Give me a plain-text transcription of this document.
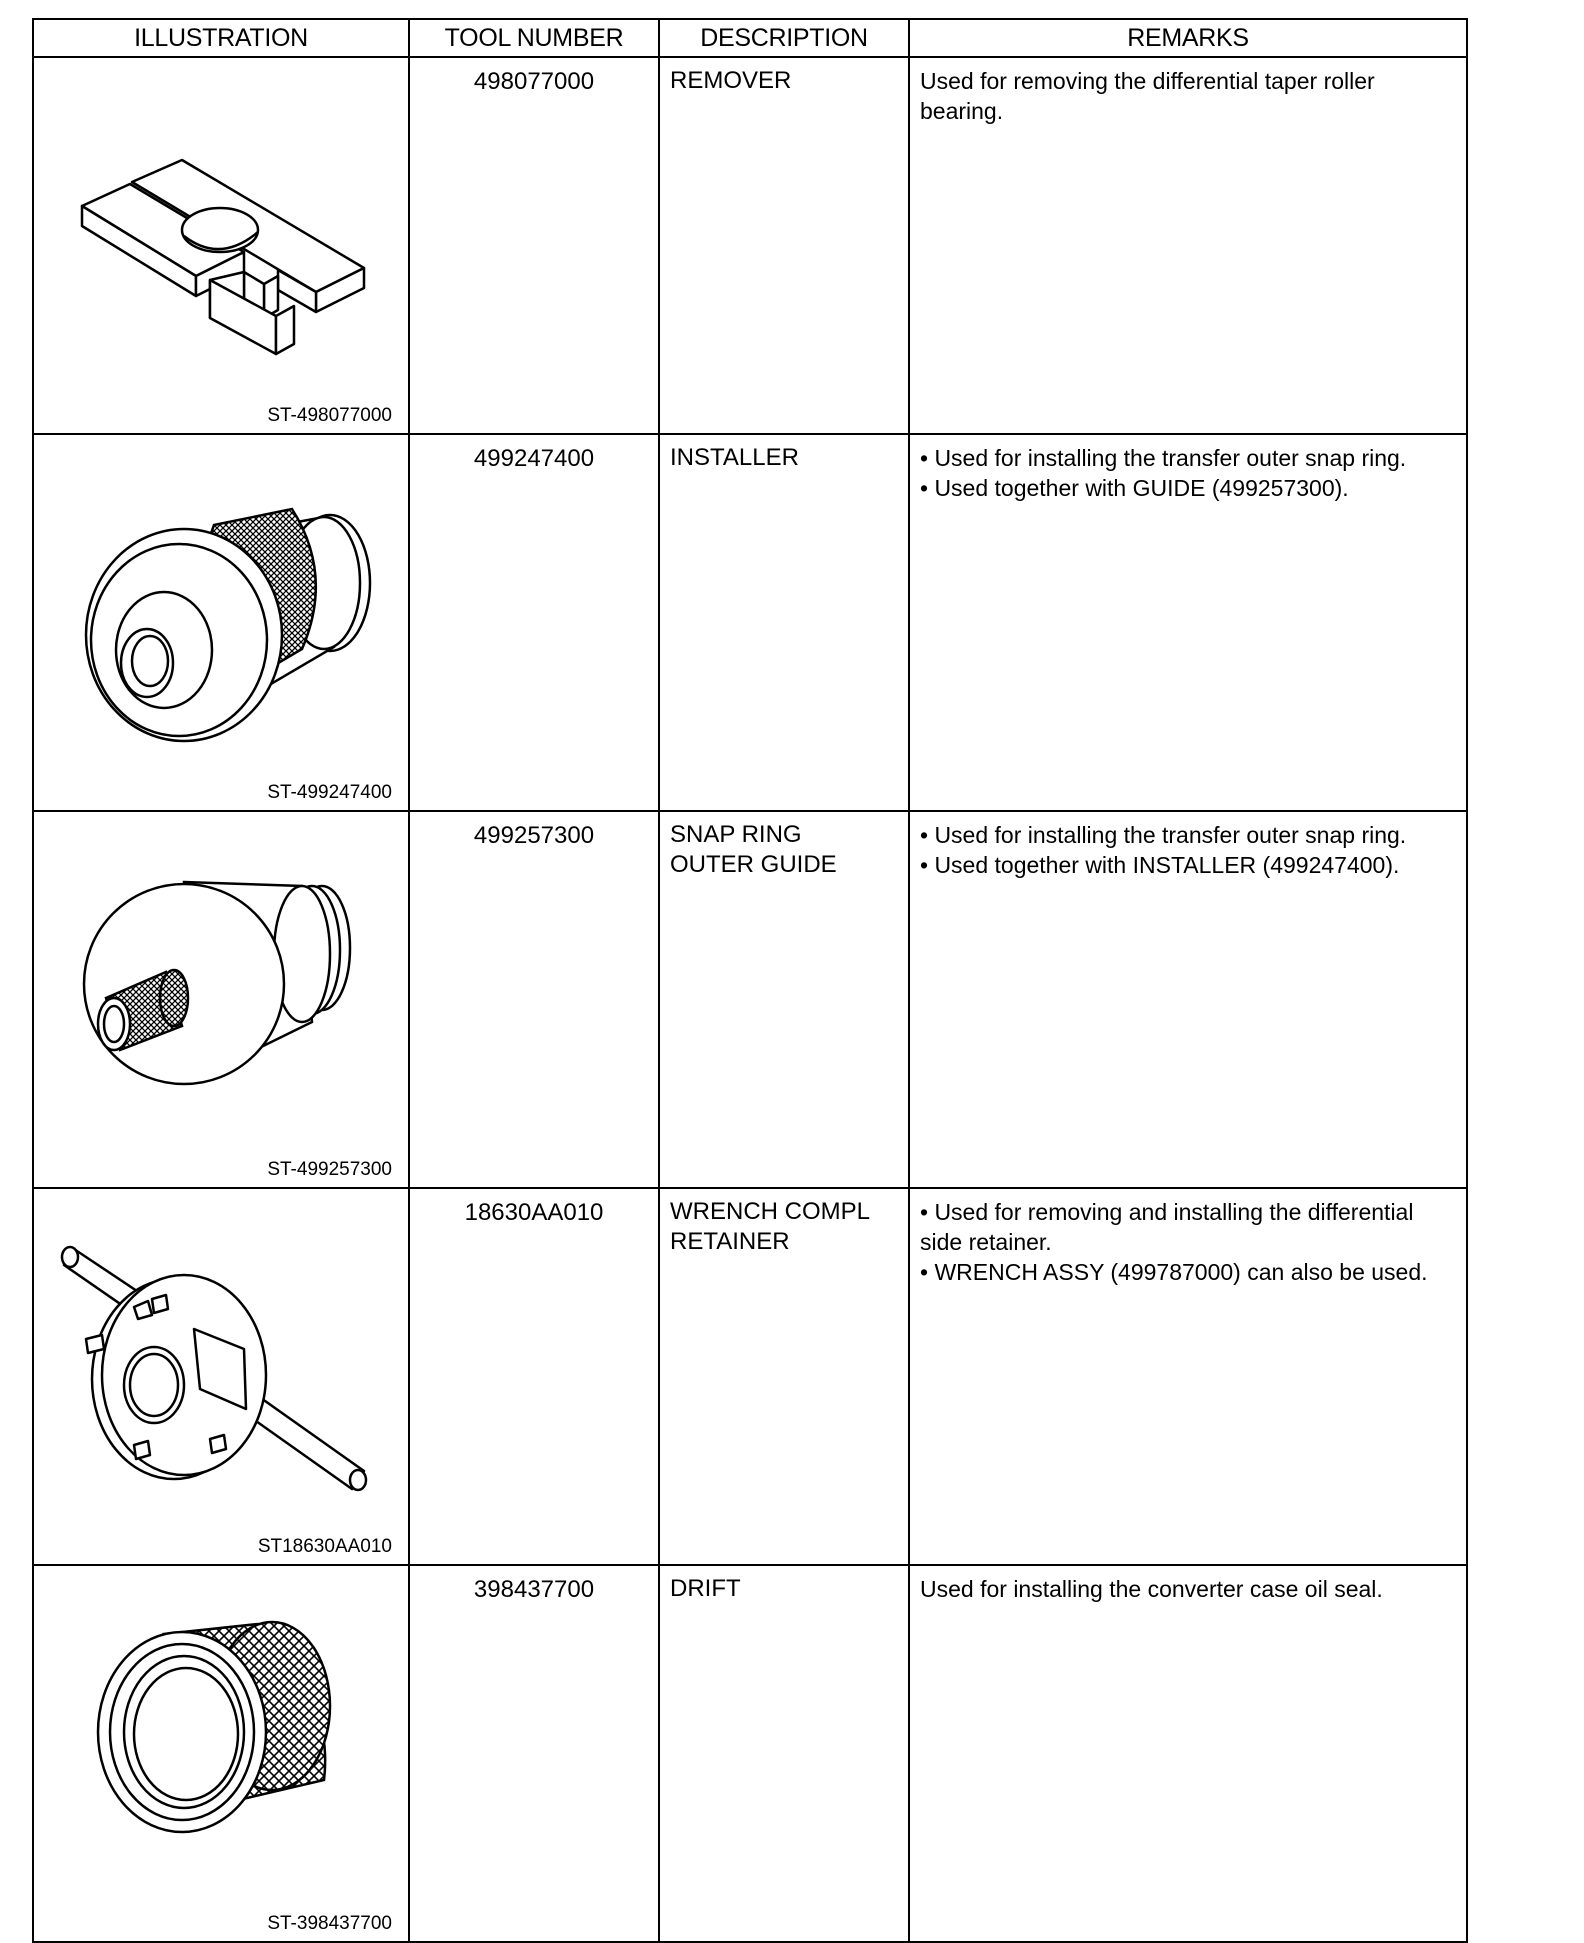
ILLUSTRATION	TOOL NUMBER	DESCRIPTION	REMARKS

ST-498077000	498077000	REMOVER	Used for removing the differential taper roller bearing.

ST-499247400	499247400	INSTALLER	• Used for installing the transfer outer snap ring.
• Used together with GUIDE (499257300).

ST-499257300	499257300	SNAP RING
OUTER GUIDE	• Used for installing the transfer outer snap ring.
• Used together with INSTALLER (499247400).

ST18630AA010	18630AA010	WRENCH COMPL
RETAINER	• Used for removing and installing the differential side retainer.
• WRENCH ASSY (499787000) can also be used.

ST-398437700	398437700	DRIFT	Used for installing the converter case oil seal.
